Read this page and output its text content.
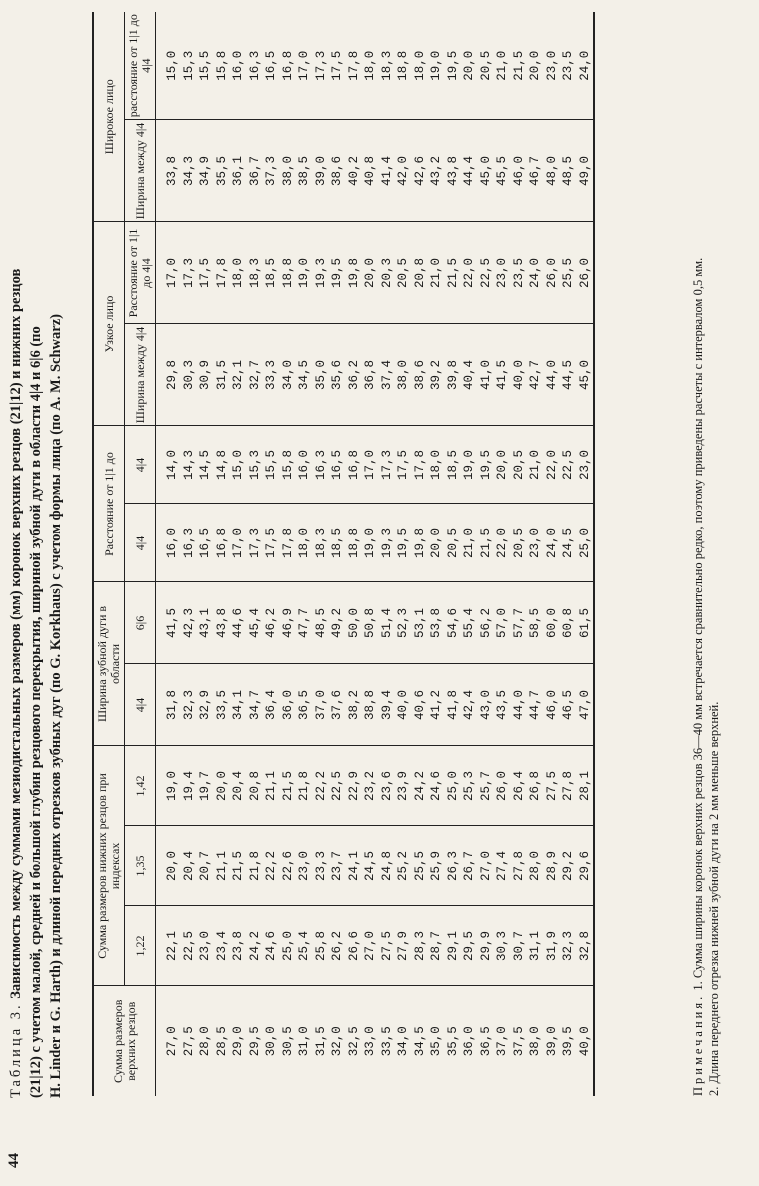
44
Таблица 3. Зависимость между суммами мезиодистальных размеров (мм) коронок верхних резцов (21|12) и нижних резцов (21|12) с учетом малой, средней и большой глубин резцового перекрытия, шириной зубной дуги в области 4|4 и 6|6 (по H. Linder и G. Harth) и длиной передних отрезков зубных дуг (по G. Korkhaus) с учетом формы лица (по A. M. Schwarz)	Сумма размеров верхних резцов	Сумма размеров нижних резцов при индексах			Ширина зубной дуги в области		Расстояние от 1|1 до		Узкое лицо		Широкое лицо	
	1,22	1,35	1,42	4|4	6|6	4|4	4|4	Ширина между 4|4	Расстояние от 1|1 до 4|4	Ширина между 4|4	расстояние от 1|1 до 4|4
27,0	22,1	20,0	19,0	31,8	41,5	16,0	14,0	29,8	17,0	33,8	15,0
27,5	22,5	20,4	19,4	32,3	42,3	16,3	14,3	30,3	17,3	34,3	15,3
28,0	23,0	20,7	19,7	32,9	43,1	16,5	14,5	30,9	17,5	34,9	15,5
28,5	23,4	21,1	20,0	33,5	43,8	16,8	14,8	31,5	17,8	35,5	15,8
29,0	23,8	21,5	20,4	34,1	44,6	17,0	15,0	32,1	18,0	36,1	16,0
29,5	24,2	21,8	20,8	34,7	45,4	17,3	15,3	32,7	18,3	36,7	16,3
30,0	24,6	22,2	21,1	36,4	46,2	17,5	15,5	33,3	18,5	37,3	16,5
30,5	25,0	22,6	21,5	36,0	46,9	17,8	15,8	34,0	18,8	38,0	16,8
31,0	25,4	23,0	21,8	36,5	47,7	18,0	16,0	34,5	19,0	38,5	17,0
31,5	25,8	23,3	22,2	37,0	48,5	18,3	16,3	35,0	19,3	39,0	17,3
32,0	26,2	23,7	22,5	37,6	49,2	18,5	16,5	35,6	19,5	38,6	17,5
32,5	26,6	24,1	22,9	38,2	50,0	18,8	16,8	36,2	19,8	40,2	17,8
33,0	27,0	24,5	23,2	38,8	50,8	19,0	17,0	36,8	20,0	40,8	18,0
33,5	27,5	24,8	23,6	39,4	51,4	19,3	17,3	37,4	20,3	41,4	18,3
34,0	27,9	25,2	23,9	40,0	52,3	19,5	17,5	38,0	20,5	42,0	18,8
34,5	28,3	25,5	24,2	40,6	53,1	19,8	17,8	38,6	20,8	42,6	18,0
35,0	28,7	25,9	24,6	41,2	53,8	20,0	18,0	39,2	21,0	43,2	19,0
35,5	29,1	26,3	25,0	41,8	54,6	20,5	18,5	39,8	21,5	43,8	19,5
36,0	29,5	26,7	25,3	42,4	55,4	21,0	19,0	40,4	22,0	44,4	20,0
36,5	29,9	27,0	25,7	43,0	56,2	21,5	19,5	41,0	22,5	45,0	20,5
37,0	30,3	27,4	26,0	43,5	57,0	22,0	20,0	41,5	23,0	45,5	21,0
37,5	30,7	27,8	26,4	44,0	57,7	20,5	20,5	40,0	23,5	46,0	21,5
38,0	31,1	28,0	26,8	44,7	58,5	23,0	21,0	42,7	24,0	46,7	20,0
39,0	31,9	28,9	27,5	46,0	60,0	24,0	22,0	44,0	26,0	48,0	23,0
39,5	32,3	29,2	27,8	46,5	60,8	24,5	22,5	44,5	25,5	48,5	23,5
40,0	32,8	29,6	28,1	47,0	61,5	25,0	23,0	45,0	26,0	49,0	24,0
Примечания. 1. Сумма ширины коронок верхних резцов 36—40 мм встречается сравнительно редко, поэтому приведены расчеты с интервалом 0,5 мм. 2. Длина переднего отрезка нижней зубной дуги на 2 мм меньше верхней.
